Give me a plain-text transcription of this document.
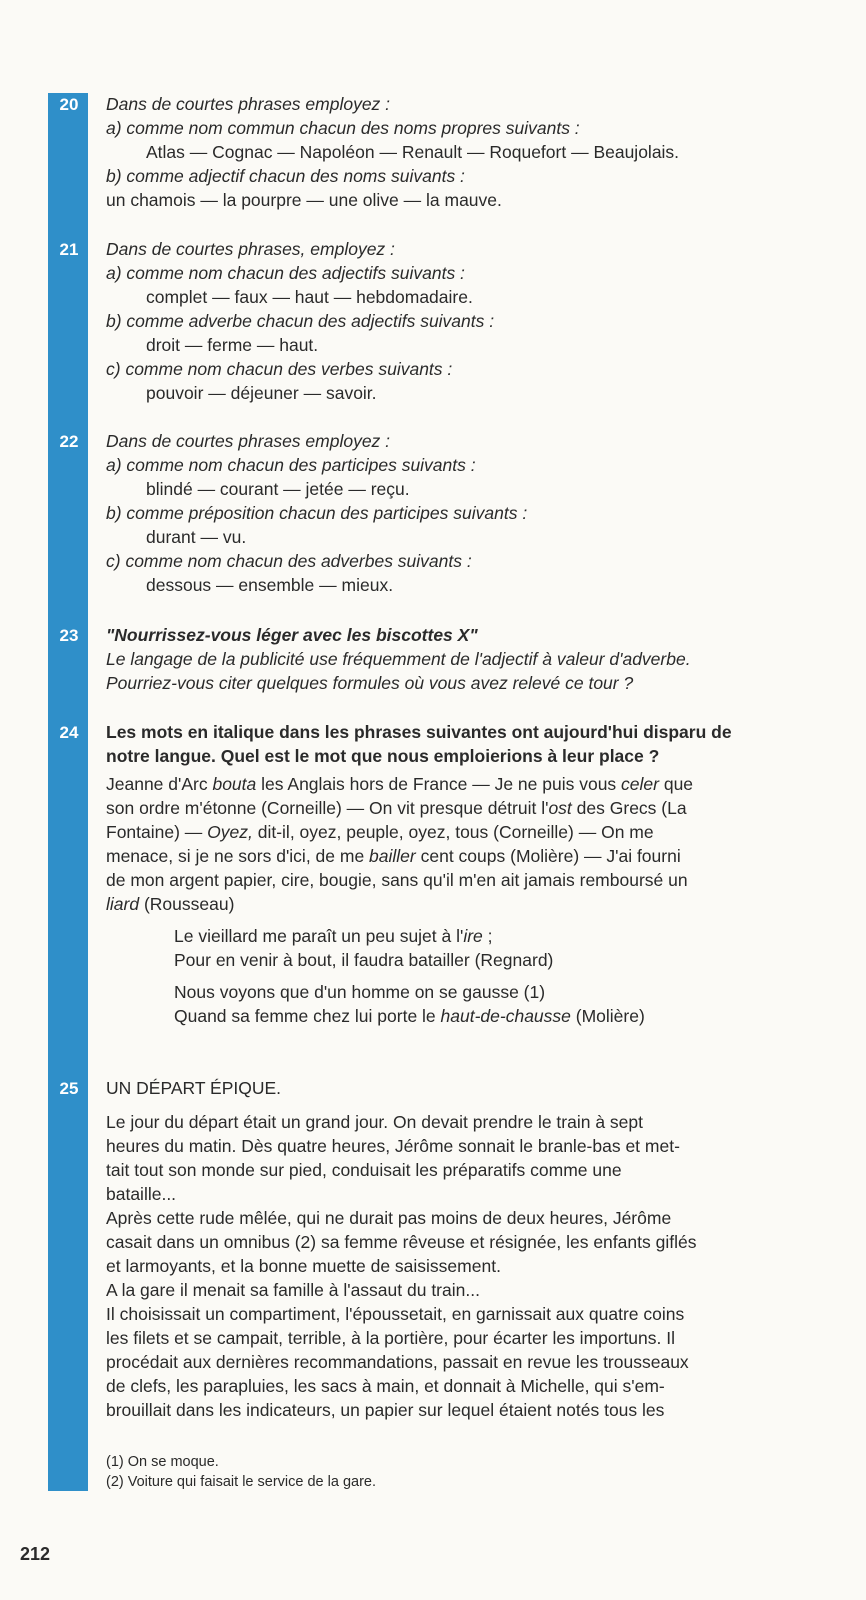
20	Dans de courtes phrases employez :
a) comme nom commun chacun des noms propres suivants :
Atlas — Cognac — Napoléon — Renault — Roquefort — Beaujolais.
b) comme adjectif chacun des noms suivants :
un chamois — la pourpre — une olive — la mauve.
21	Dans de courtes phrases, employez :
a) comme nom chacun des adjectifs suivants :
complet — faux — haut — hebdomadaire.
b) comme adverbe chacun des adjectifs suivants :
droit — ferme — haut.
c) comme nom chacun des verbes suivants :
pouvoir — déjeuner — savoir.
22	Dans de courtes phrases employez :
a) comme nom chacun des participes suivants :
blindé — courant — jetée — reçu.
b) comme préposition chacun des participes suivants :
durant — vu.
c) comme nom chacun des adverbes suivants :
dessous — ensemble — mieux.
23	"Nourrissez-vous léger avec les biscottes X"
Le langage de la publicité use fréquemment de l'adjectif à valeur d'adverbe.
Pourriez-vous citer quelques formules où vous avez relevé ce tour ?
24	Les mots en italique dans les phrases suivantes ont aujourd'hui disparu de
notre langue. Quel est le mot que nous emploierions à leur place ?
Jeanne d'Arc bouta les Anglais hors de France — Je ne puis vous celer que
son ordre m'étonne (Corneille) — On vit presque détruit l'ost des Grecs (La
Fontaine) — Oyez, dit-il, oyez, peuple, oyez, tous (Corneille) — On me
menace, si je ne sors d'ici, de me bailler cent coups (Molière) — J'ai fourni
de mon argent papier, cire, bougie, sans qu'il m'en ait jamais remboursé un
liard (Rousseau)
Le vieillard me paraît un peu sujet à l'ire ;
Pour en venir à bout, il faudra batailler (Regnard)
Nous voyons que d'un homme on se gausse (1)
Quand sa femme chez lui porte le haut-de-chausse (Molière)
25	UN DÉPART ÉPIQUE.
Le jour du départ était un grand jour. On devait prendre le train à sept
heures du matin. Dès quatre heures, Jérôme sonnait le branle-bas et met-
tait tout son monde sur pied, conduisait les préparatifs comme une
bataille...
Après cette rude mêlée, qui ne durait pas moins de deux heures, Jérôme
casait dans un omnibus (2) sa femme rêveuse et résignée, les enfants giflés
et larmoyants, et la bonne muette de saisissement.
A la gare il menait sa famille à l'assaut du train...
Il choisissait un compartiment, l'époussetait, en garnissait aux quatre coins
les filets et se campait, terrible, à la portière, pour écarter les importuns. Il
procédait aux dernières recommandations, passait en revue les trousseaux
de clefs, les parapluies, les sacs à main, et donnait à Michelle, qui s'em-
brouillait dans les indicateurs, un papier sur lequel étaient notés tous les
(1) On se moque.
(2) Voiture qui faisait le service de la gare.
212
